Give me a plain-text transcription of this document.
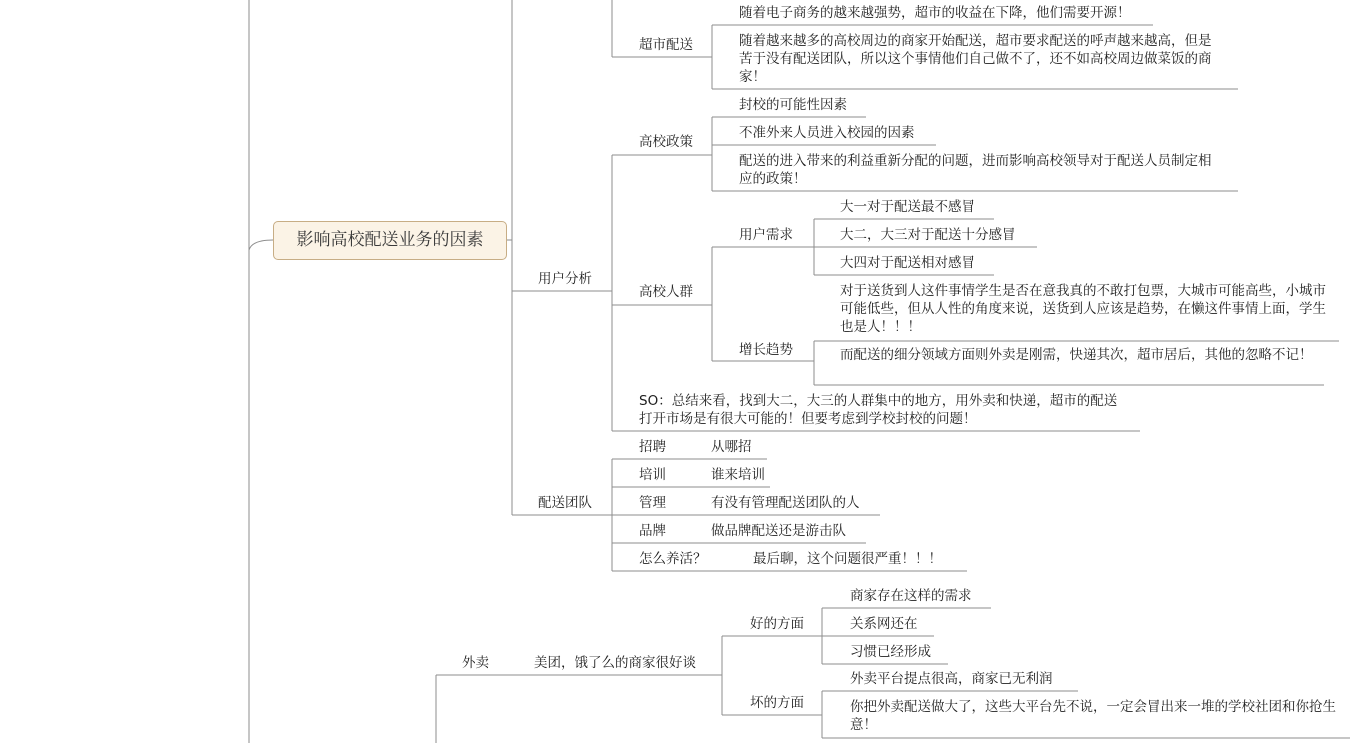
影响高校配送业务的因素
超市配送
随着电子商务的越来越强势，超市的收益在下降，他们需要开源！
随着越来越多的高校周边的商家开始配送，超市要求配送的呼声越来越高，但是苦于没有配送团队，所以这个事情他们自己做不了，还不如高校周边做菜饭的商家！
用户分析
高校政策
封校的可能性因素
不准外来人员进入校园的因素
配送的进入带来的利益重新分配的问题，进而影响高校领导对于配送人员制定相应的政策！
高校人群
用户需求
大一对于配送最不感冒
大二，大三对于配送十分感冒
大四对于配送相对感冒
增长趋势
对于送货到人这件事情学生是否在意我真的不敢打包票，大城市可能高些，小城市可能低些，但从人性的角度来说，送货到人应该是趋势，在懒这件事情上面，学生也是人！！！
而配送的细分领域方面则外卖是刚需，快递其次，超市居后，其他的忽略不记！
SO：总结来看，找到大二，大三的人群集中的地方，用外卖和快递，超市的配送打开市场是有很大可能的！但要考虑到学校封校的问题！
配送团队
招聘	从哪招
培训	谁来培训
管理	有没有管理配送团队的人
品牌	做品牌配送还是游击队
怎么养活？	最后聊，这个问题很严重！！！
外卖	美团，饿了么的商家很好谈
好的方面
商家存在这样的需求
关系网还在
习惯已经形成
坏的方面
外卖平台提点很高，商家已无利润
你把外卖配送做大了，这些大平台先不说，一定会冒出来一堆的学校社团和你抢生意！
